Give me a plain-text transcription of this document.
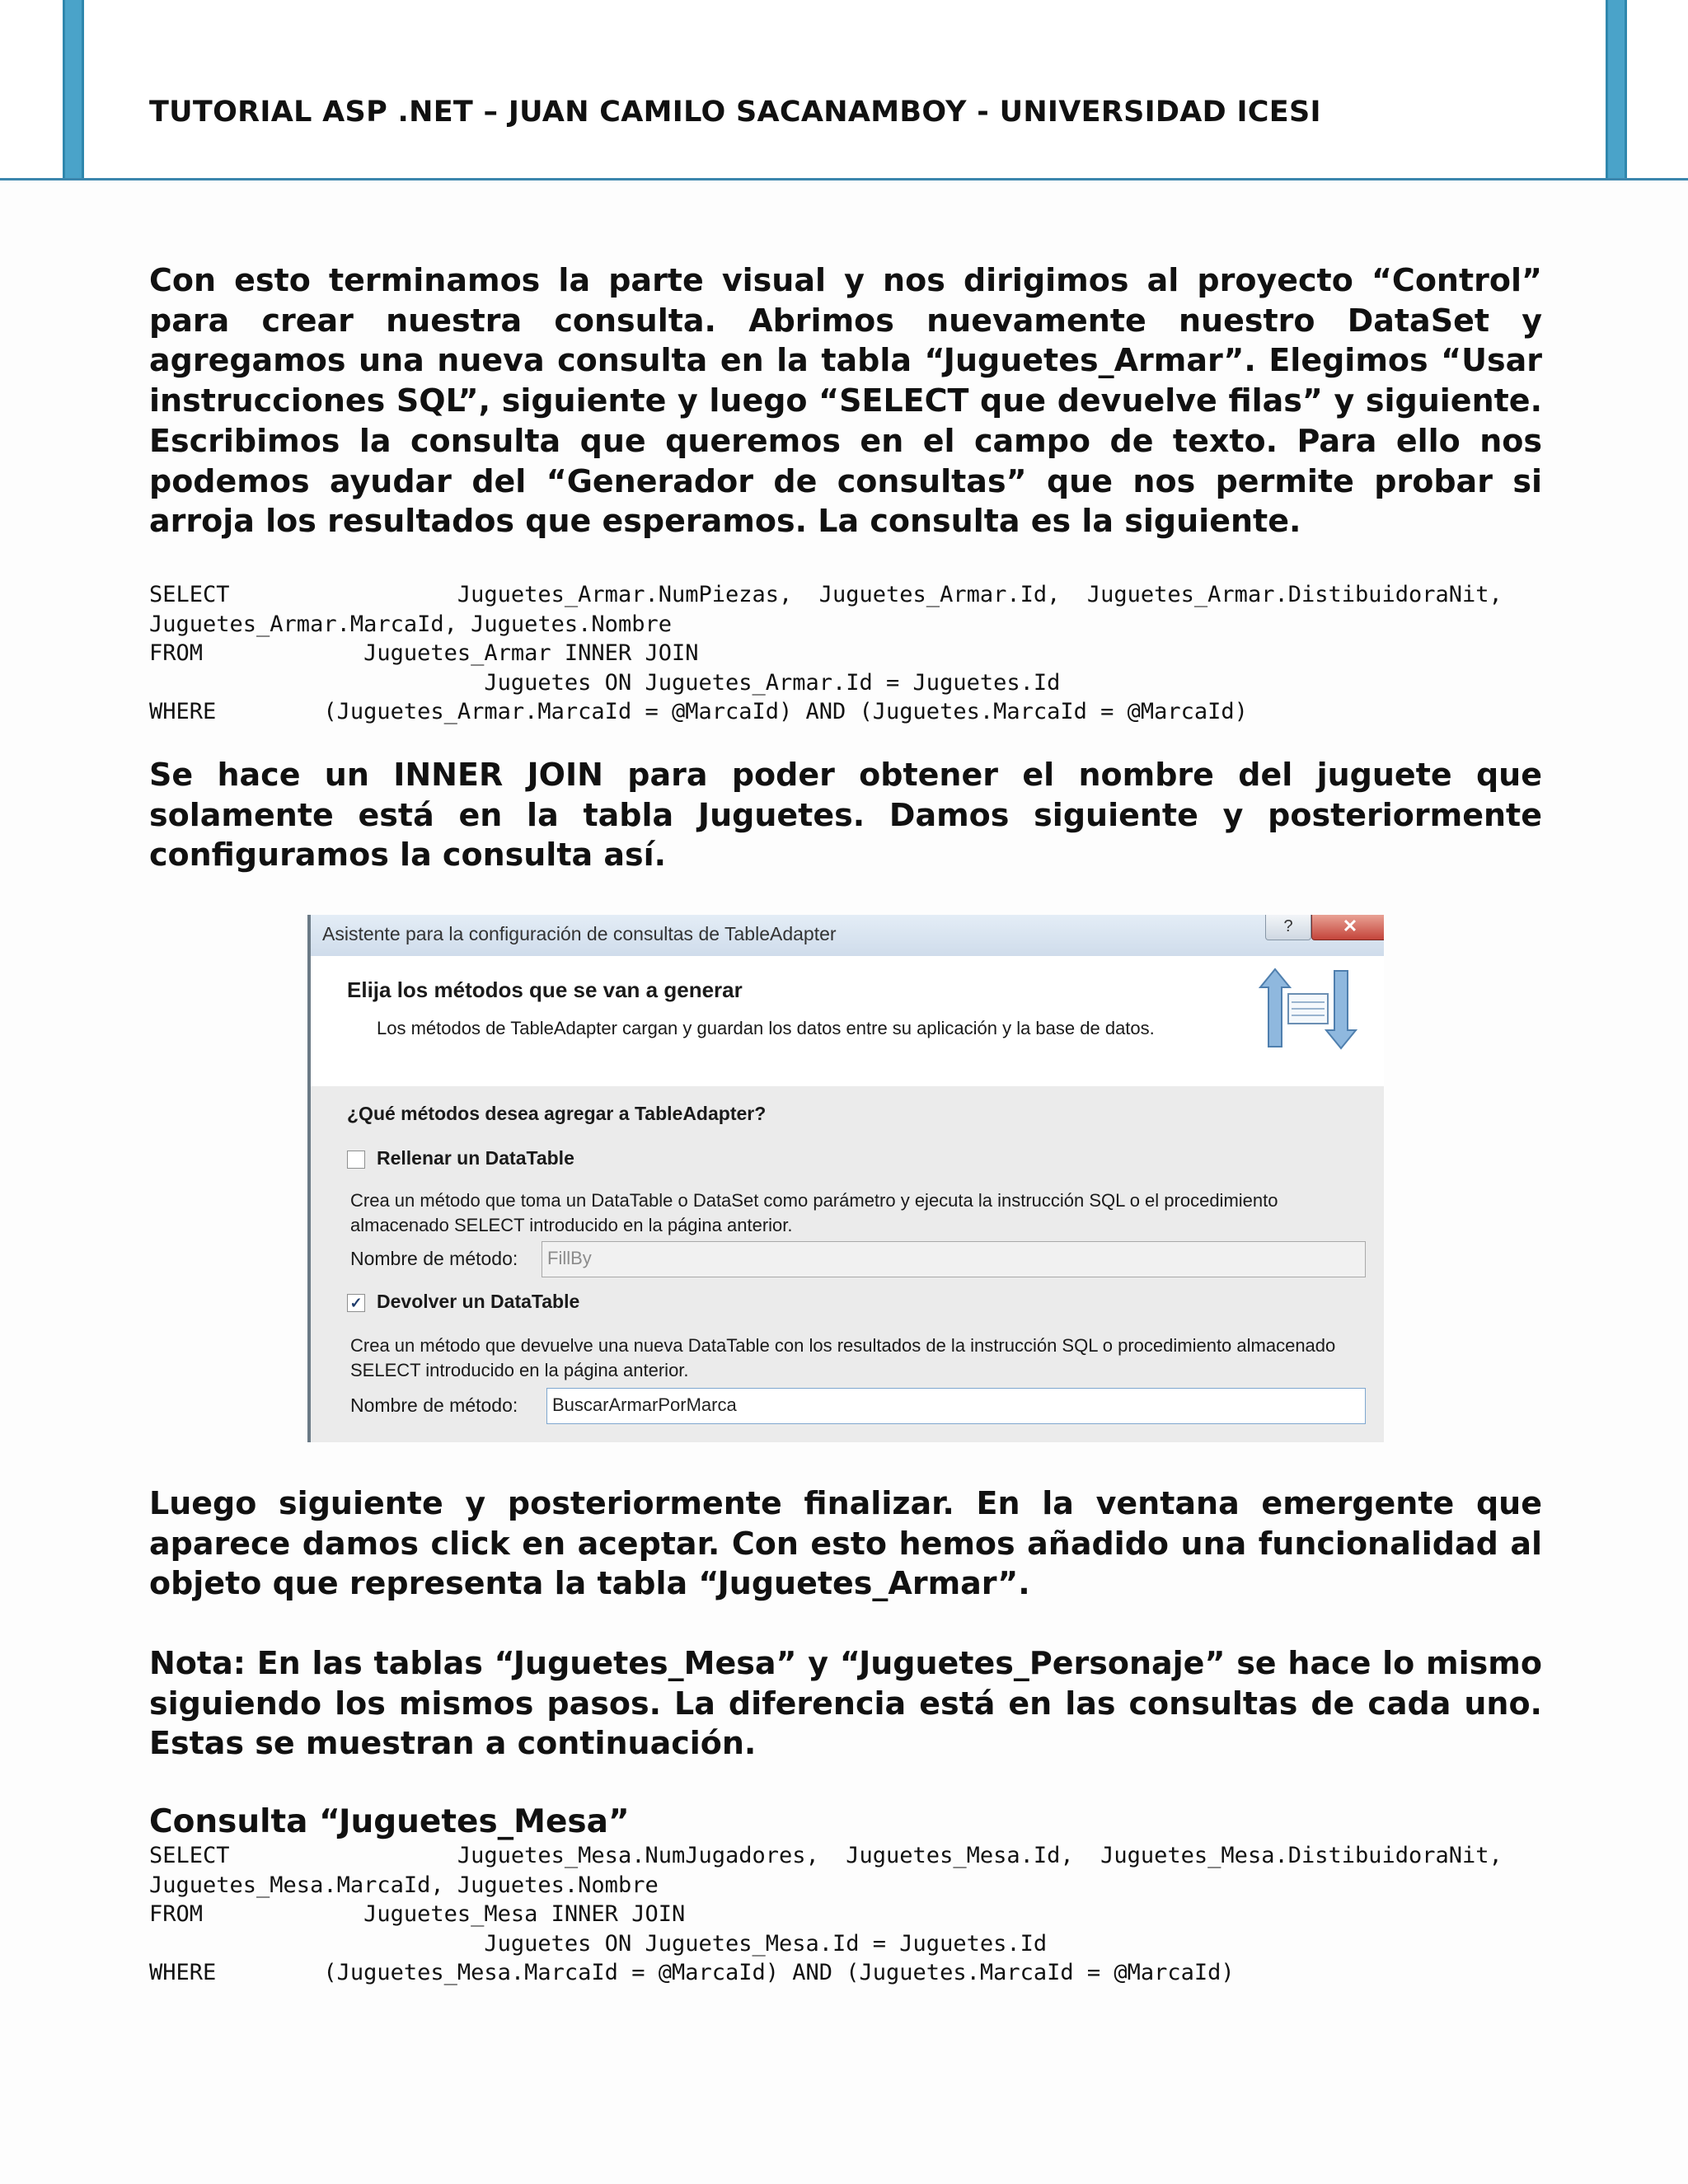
TUTORIAL ASP .NET – JUAN CAMILO SACANAMBOY - UNIVERSIDAD ICESI

Con esto terminamos la parte visual y nos dirigimos al proyecto “Control” para crear nuestra consulta. Abrimos nuevamente nuestro DataSet y agregamos una nueva consulta en la tabla “Juguetes_Armar”. Elegimos “Usar instrucciones SQL”, siguiente y luego “SELECT que devuelve filas” y siguiente. Escribimos la consulta que queremos en el campo de texto. Para ello nos podemos ayudar del “Generador de consultas” que nos permite probar si arroja los resultados que esperamos. La consulta es la siguiente.

SELECT                 Juguetes_Armar.NumPiezas,  Juguetes_Armar.Id,  Juguetes_Armar.DistibuidoraNit,
Juguetes_Armar.MarcaId, Juguetes.Nombre
FROM            Juguetes_Armar INNER JOIN
Juguetes ON Juguetes_Armar.Id = Juguetes.Id
WHERE        (Juguetes_Armar.MarcaId = @MarcaId) AND (Juguetes.MarcaId = @MarcaId)

Se hace un INNER JOIN para poder obtener el nombre del juguete que solamente está en la tabla Juguetes. Damos siguiente y posteriormente configuramos la consulta así.

Asistente para la configuración de consultas de TableAdapter	?	✕
Elija los métodos que se van a generar
Los métodos de TableAdapter cargan y guardan los datos entre su aplicación y la base de datos.
¿Qué métodos desea agregar a TableAdapter?
Rellenar un DataTable
Crea un método que toma un DataTable o DataSet como parámetro y ejecuta la instrucción SQL o el procedimiento almacenado SELECT introducido en la página anterior.
Nombre de método:	FillBy
✓ Devolver un DataTable
Crea un método que devuelve una nueva DataTable con los resultados de la instrucción SQL o procedimiento almacenado SELECT introducido en la página anterior.
Nombre de método:	BuscarArmarPorMarca

Luego siguiente y posteriormente finalizar. En la ventana emergente que aparece damos click en aceptar. Con esto hemos añadido una funcionalidad al objeto que representa la tabla “Juguetes_Armar”.

Nota: En las tablas “Juguetes_Mesa” y “Juguetes_Personaje” se hace lo mismo siguiendo los mismos pasos. La diferencia está en las consultas de cada uno. Estas se muestran a continuación.

Consulta “Juguetes_Mesa”
SELECT                 Juguetes_Mesa.NumJugadores,  Juguetes_Mesa.Id,  Juguetes_Mesa.DistibuidoraNit,
Juguetes_Mesa.MarcaId, Juguetes.Nombre
FROM            Juguetes_Mesa INNER JOIN
Juguetes ON Juguetes_Mesa.Id = Juguetes.Id
WHERE        (Juguetes_Mesa.MarcaId = @MarcaId) AND (Juguetes.MarcaId = @MarcaId)
